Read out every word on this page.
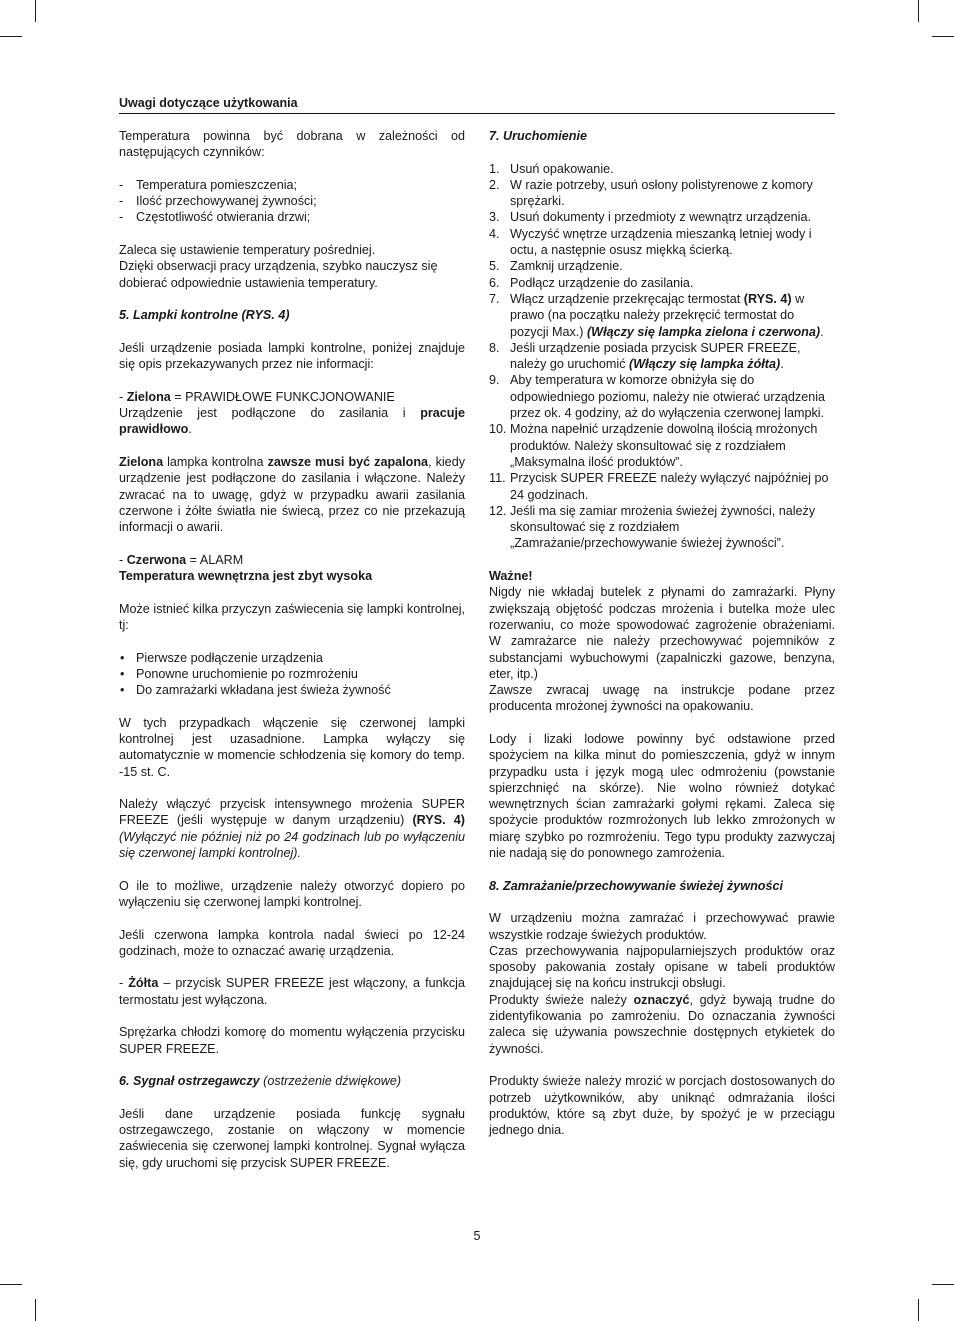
Uwagi dotyczące użytkowania

Temperatura powinna być dobrana w zależności od następujących czynników:

- Temperatura pomieszczenia;
- Ilość przechowywanej żywności;
- Częstotliwość otwierania drzwi;

Zaleca się ustawienie temperatury pośredniej.

Dzięki obserwacji pracy urządzenia, szybko nauczysz się dobierać odpowiednie ustawienia temperatury.

5. Lampki kontrolne (RYS. 4)

Jeśli urządzenie posiada lampki kontrolne, poniżej znajduje się opis przekazywanych przez nie informacji:

- Zielona = PRAWIDŁOWE FUNKCJONOWANIE

Urządzenie jest podłączone do zasilania i pracuje prawidłowo.

Zielona lampka kontrolna zawsze musi być zapalona, kiedy urządzenie jest podłączone do zasilania i włączone. Należy zwracać na to uwagę, gdyż w przypadku awarii zasilania czerwone i żółte światła nie świecą, przez co nie przekazują informacji o awarii.

- Czerwona = ALARM

Temperatura wewnętrzna jest zbyt wysoka

Może istnieć kilka przyczyn zaświecenia się lampki kontrolnej, tj:

• Pierwsze podłączenie urządzenia
• Ponowne uruchomienie po rozmrożeniu
• Do zamrażarki wkładana jest świeża żywność

W tych przypadkach włączenie się czerwonej lampki kontrolnej jest uzasadnione. Lampka wyłączy się automatycznie w momencie schłodzenia się komory do temp. -15 st. C.

Należy włączyć przycisk intensywnego mrożenia SUPER FREEZE (jeśli występuje w danym urządzeniu) (RYS. 4) (Wyłączyć nie później niż po 24 godzinach lub po wyłączeniu się czerwonej lampki kontrolnej).

O ile to możliwe, urządzenie należy otworzyć dopiero po wyłączeniu się czerwonej lampki kontrolnej.

Jeśli czerwona lampka kontrola nadal świeci po 12-24 godzinach, może to oznaczać awarię urządzenia.

- Żółta – przycisk SUPER FREEZE jest włączony, a funkcja termostatu jest wyłączona.

Sprężarka chłodzi komorę do momentu wyłączenia przycisku SUPER FREEZE.

6. Sygnał ostrzegawczy (ostrzeżenie dźwiękowe)

Jeśli dane urządzenie posiada funkcję sygnału ostrzegawczego, zostanie on włączony w momencie zaświecenia się czerwonej lampki kontrolnej. Sygnał wyłącza się, gdy uruchomi się przycisk SUPER FREEZE.

7. Uruchomienie

1. Usuń opakowanie.
2. W razie potrzeby, usuń osłony polistyrenowe z komory sprężarki.
3. Usuń dokumenty i przedmioty z wewnątrz urządzenia.
4. Wyczyść wnętrze urządzenia mieszanką letniej wody i octu, a następnie osusz miękką ścierką.
5. Zamknij urządzenie.
6. Podłącz urządzenie do zasilania.
7. Włącz urządzenie przekręcając termostat (RYS. 4) w prawo (na początku należy przekręcić termostat do pozycji Max.) (Włączy się lampka zielona i czerwona).
8. Jeśli urządzenie posiada przycisk SUPER FREEZE, należy go uruchomić (Włączy się lampka żółta).
9. Aby temperatura w komorze obniżyła się do odpowiedniego poziomu, należy nie otwierać urządzenia przez ok. 4 godziny, aż do wyłączenia czerwonej lampki.
10. Można napełnić urządzenie dowolną ilością mrożonych produktów. Należy skonsultować się z rozdziałem „Maksymalna ilość produktów”.
11. Przycisk SUPER FREEZE należy wyłączyć najpóźniej po 24 godzinach.
12. Jeśli ma się zamiar mrożenia świeżej żywności, należy skonsultować się z rozdziałem „Zamrażanie/przechowywanie świeżej żywności”.

Ważne!

Nigdy nie wkładaj butelek z płynami do zamrażarki. Płyny zwiększają objętość podczas mrożenia i butelka może ulec rozerwaniu, co może spowodować zagrożenie obrażeniami. W zamrażarce nie należy przechowywać pojemników z substancjami wybuchowymi (zapalniczki gazowe, benzyna, eter, itp.)

Zawsze zwracaj uwagę na instrukcje podane przez producenta mrożonej żywności na opakowaniu.

Lody i lizaki lodowe powinny być odstawione przed spożyciem na kilka minut do pomieszczenia, gdyż w innym przypadku usta i język mogą ulec odmrożeniu (powstanie spierzchnięć na skórze). Nie wolno również dotykać wewnętrznych ścian zamrażarki gołymi rękami. Zaleca się spożycie produktów rozmrożonych lub lekko zmrożonych w miarę szybko po rozmrożeniu. Tego typu produkty zazwyczaj nie nadają się do ponownego zamrożenia.

8. Zamrażanie/przechowywanie świeżej żywności

W urządzeniu można zamrażać i przechowywać prawie wszystkie rodzaje świeżych produktów.

Czas przechowywania najpopularniejszych produktów oraz sposoby pakowania zostały opisane w tabeli produktów znajdującej się na końcu instrukcji obsługi.

Produkty świeże należy oznaczyć, gdyż bywają trudne do zidentyfikowania po zamrożeniu. Do oznaczania żywności zaleca się używania powszechnie dostępnych etykietek do żywności.

Produkty świeże należy mrozić w porcjach dostosowanych do potrzeb użytkowników, aby uniknąć odmrażania ilości produktów, które są zbyt duże, by spożyć je w przeciągu jednego dnia.

5
